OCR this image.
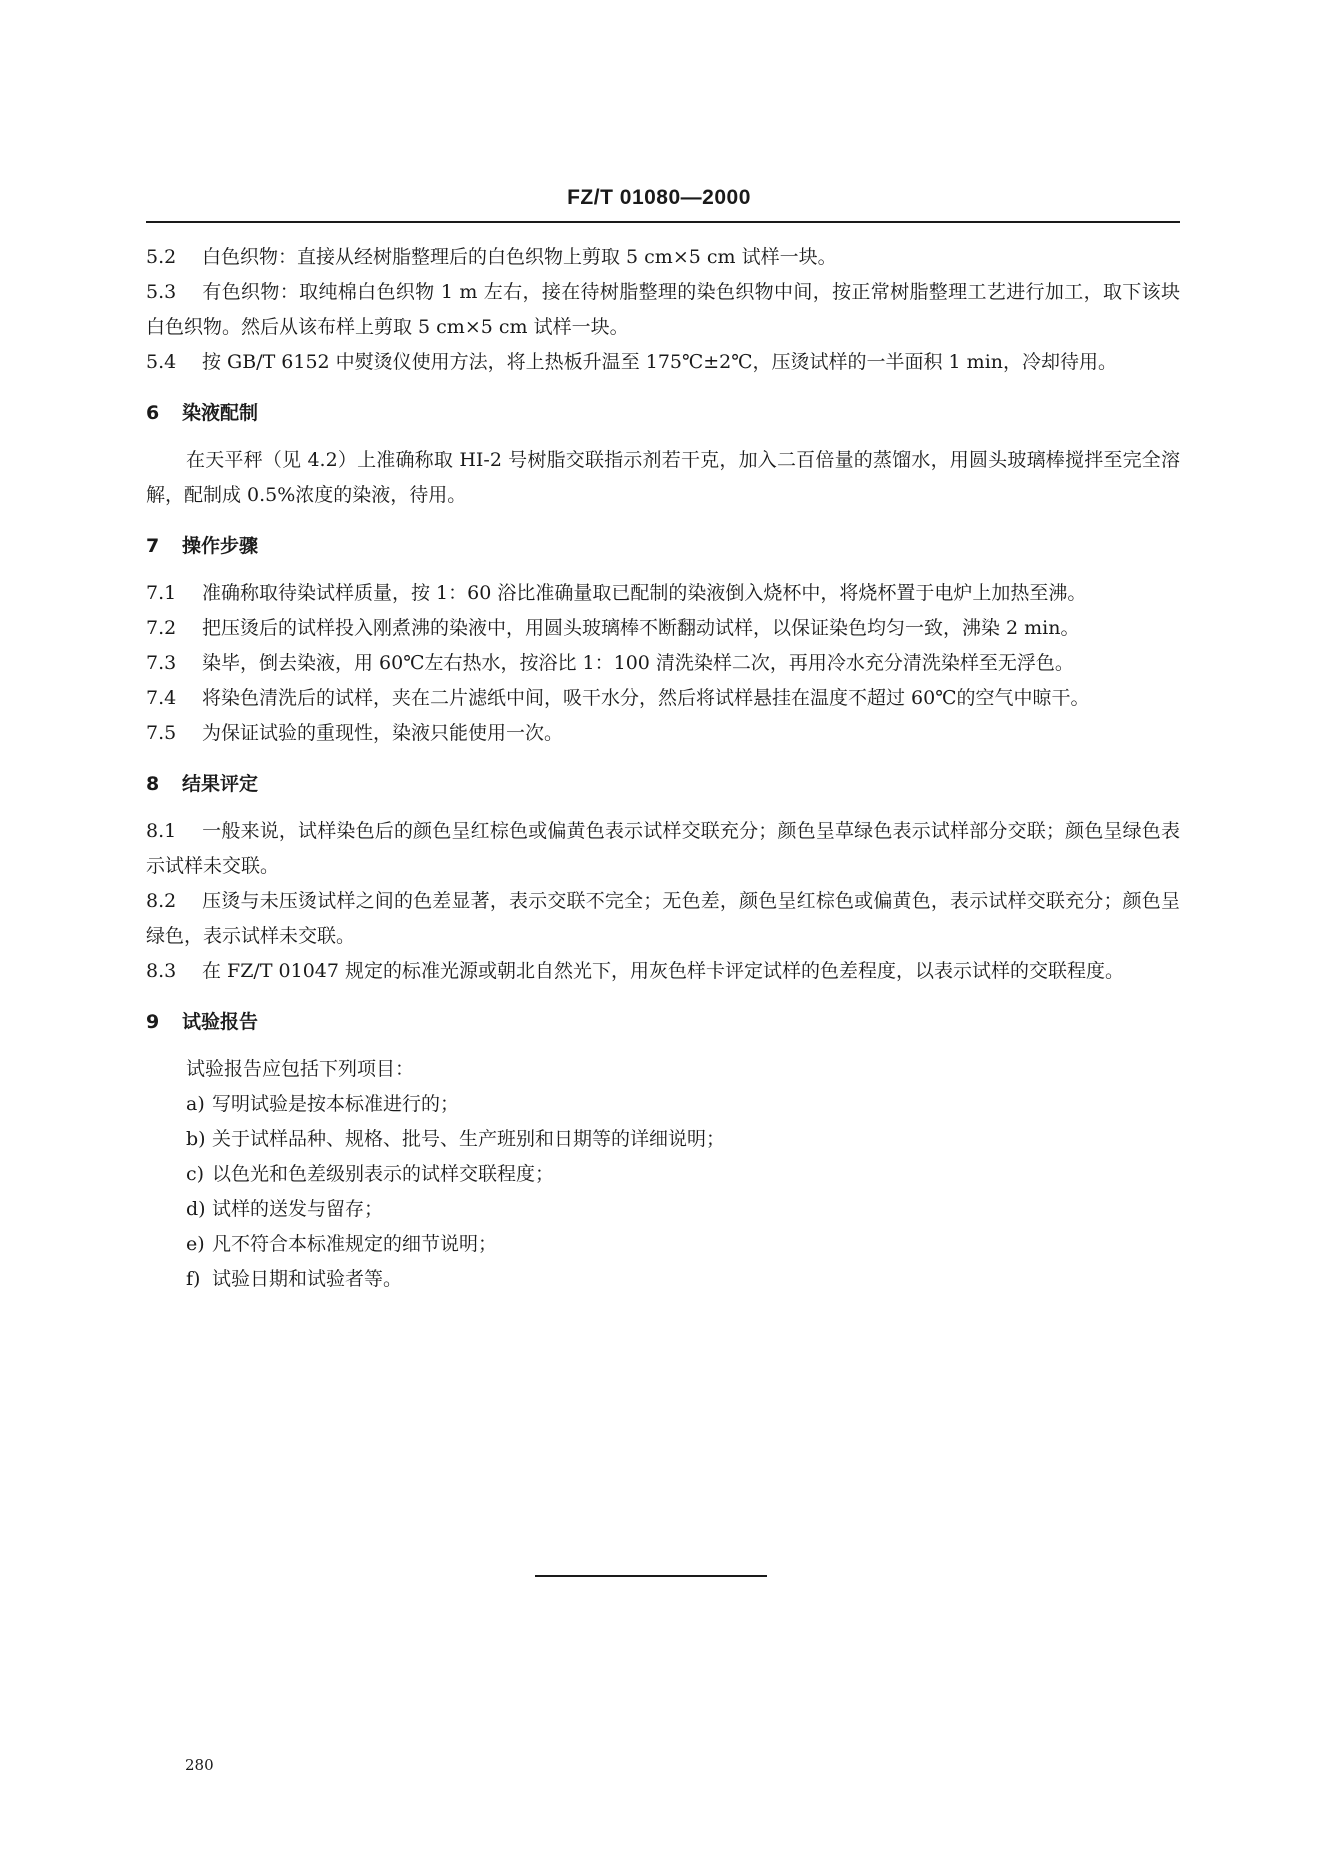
FZ/T 01080—2000
5.2 白色织物：直接从经树脂整理后的白色织物上剪取 5 cm×5 cm 试样一块。
5.3 有色织物：取纯棉白色织物 1 m 左右，接在待树脂整理的染色织物中间，按正常树脂整理工艺进行加工，取下该块白色织物。然后从该布样上剪取 5 cm×5 cm 试样一块。
5.4 按 GB/T 6152 中熨烫仪使用方法，将上热板升温至 175℃±2℃，压烫试样的一半面积 1 min，冷却待用。
6 染液配制
在天平秤（见 4.2）上准确称取 HI-2 号树脂交联指示剂若干克，加入二百倍量的蒸馏水，用圆头玻璃棒搅拌至完全溶解，配制成 0.5%浓度的染液，待用。
7 操作步骤
7.1 准确称取待染试样质量，按 1：60 浴比准确量取已配制的染液倒入烧杯中，将烧杯置于电炉上加热至沸。
7.2 把压烫后的试样投入刚煮沸的染液中，用圆头玻璃棒不断翻动试样，以保证染色均匀一致，沸染 2 min。
7.3 染毕，倒去染液，用 60℃左右热水，按浴比 1：100 清洗染样二次，再用冷水充分清洗染样至无浮色。
7.4 将染色清洗后的试样，夹在二片滤纸中间，吸干水分，然后将试样悬挂在温度不超过 60℃的空气中晾干。
7.5 为保证试验的重现性，染液只能使用一次。
8 结果评定
8.1 一般来说，试样染色后的颜色呈红棕色或偏黄色表示试样交联充分；颜色呈草绿色表示试样部分交联；颜色呈绿色表示试样未交联。
8.2 压烫与未压烫试样之间的色差显著，表示交联不完全；无色差，颜色呈红棕色或偏黄色，表示试样交联充分；颜色呈绿色，表示试样未交联。
8.3 在 FZ/T 01047 规定的标准光源或朝北自然光下，用灰色样卡评定试样的色差程度，以表示试样的交联程度。
9 试验报告
试验报告应包括下列项目：
a) 写明试验是按本标准进行的；
b) 关于试样品种、规格、批号、生产班别和日期等的详细说明；
c) 以色光和色差级别表示的试样交联程度；
d) 试样的送发与留存；
e) 凡不符合本标准规定的细节说明；
f) 试验日期和试验者等。
280
